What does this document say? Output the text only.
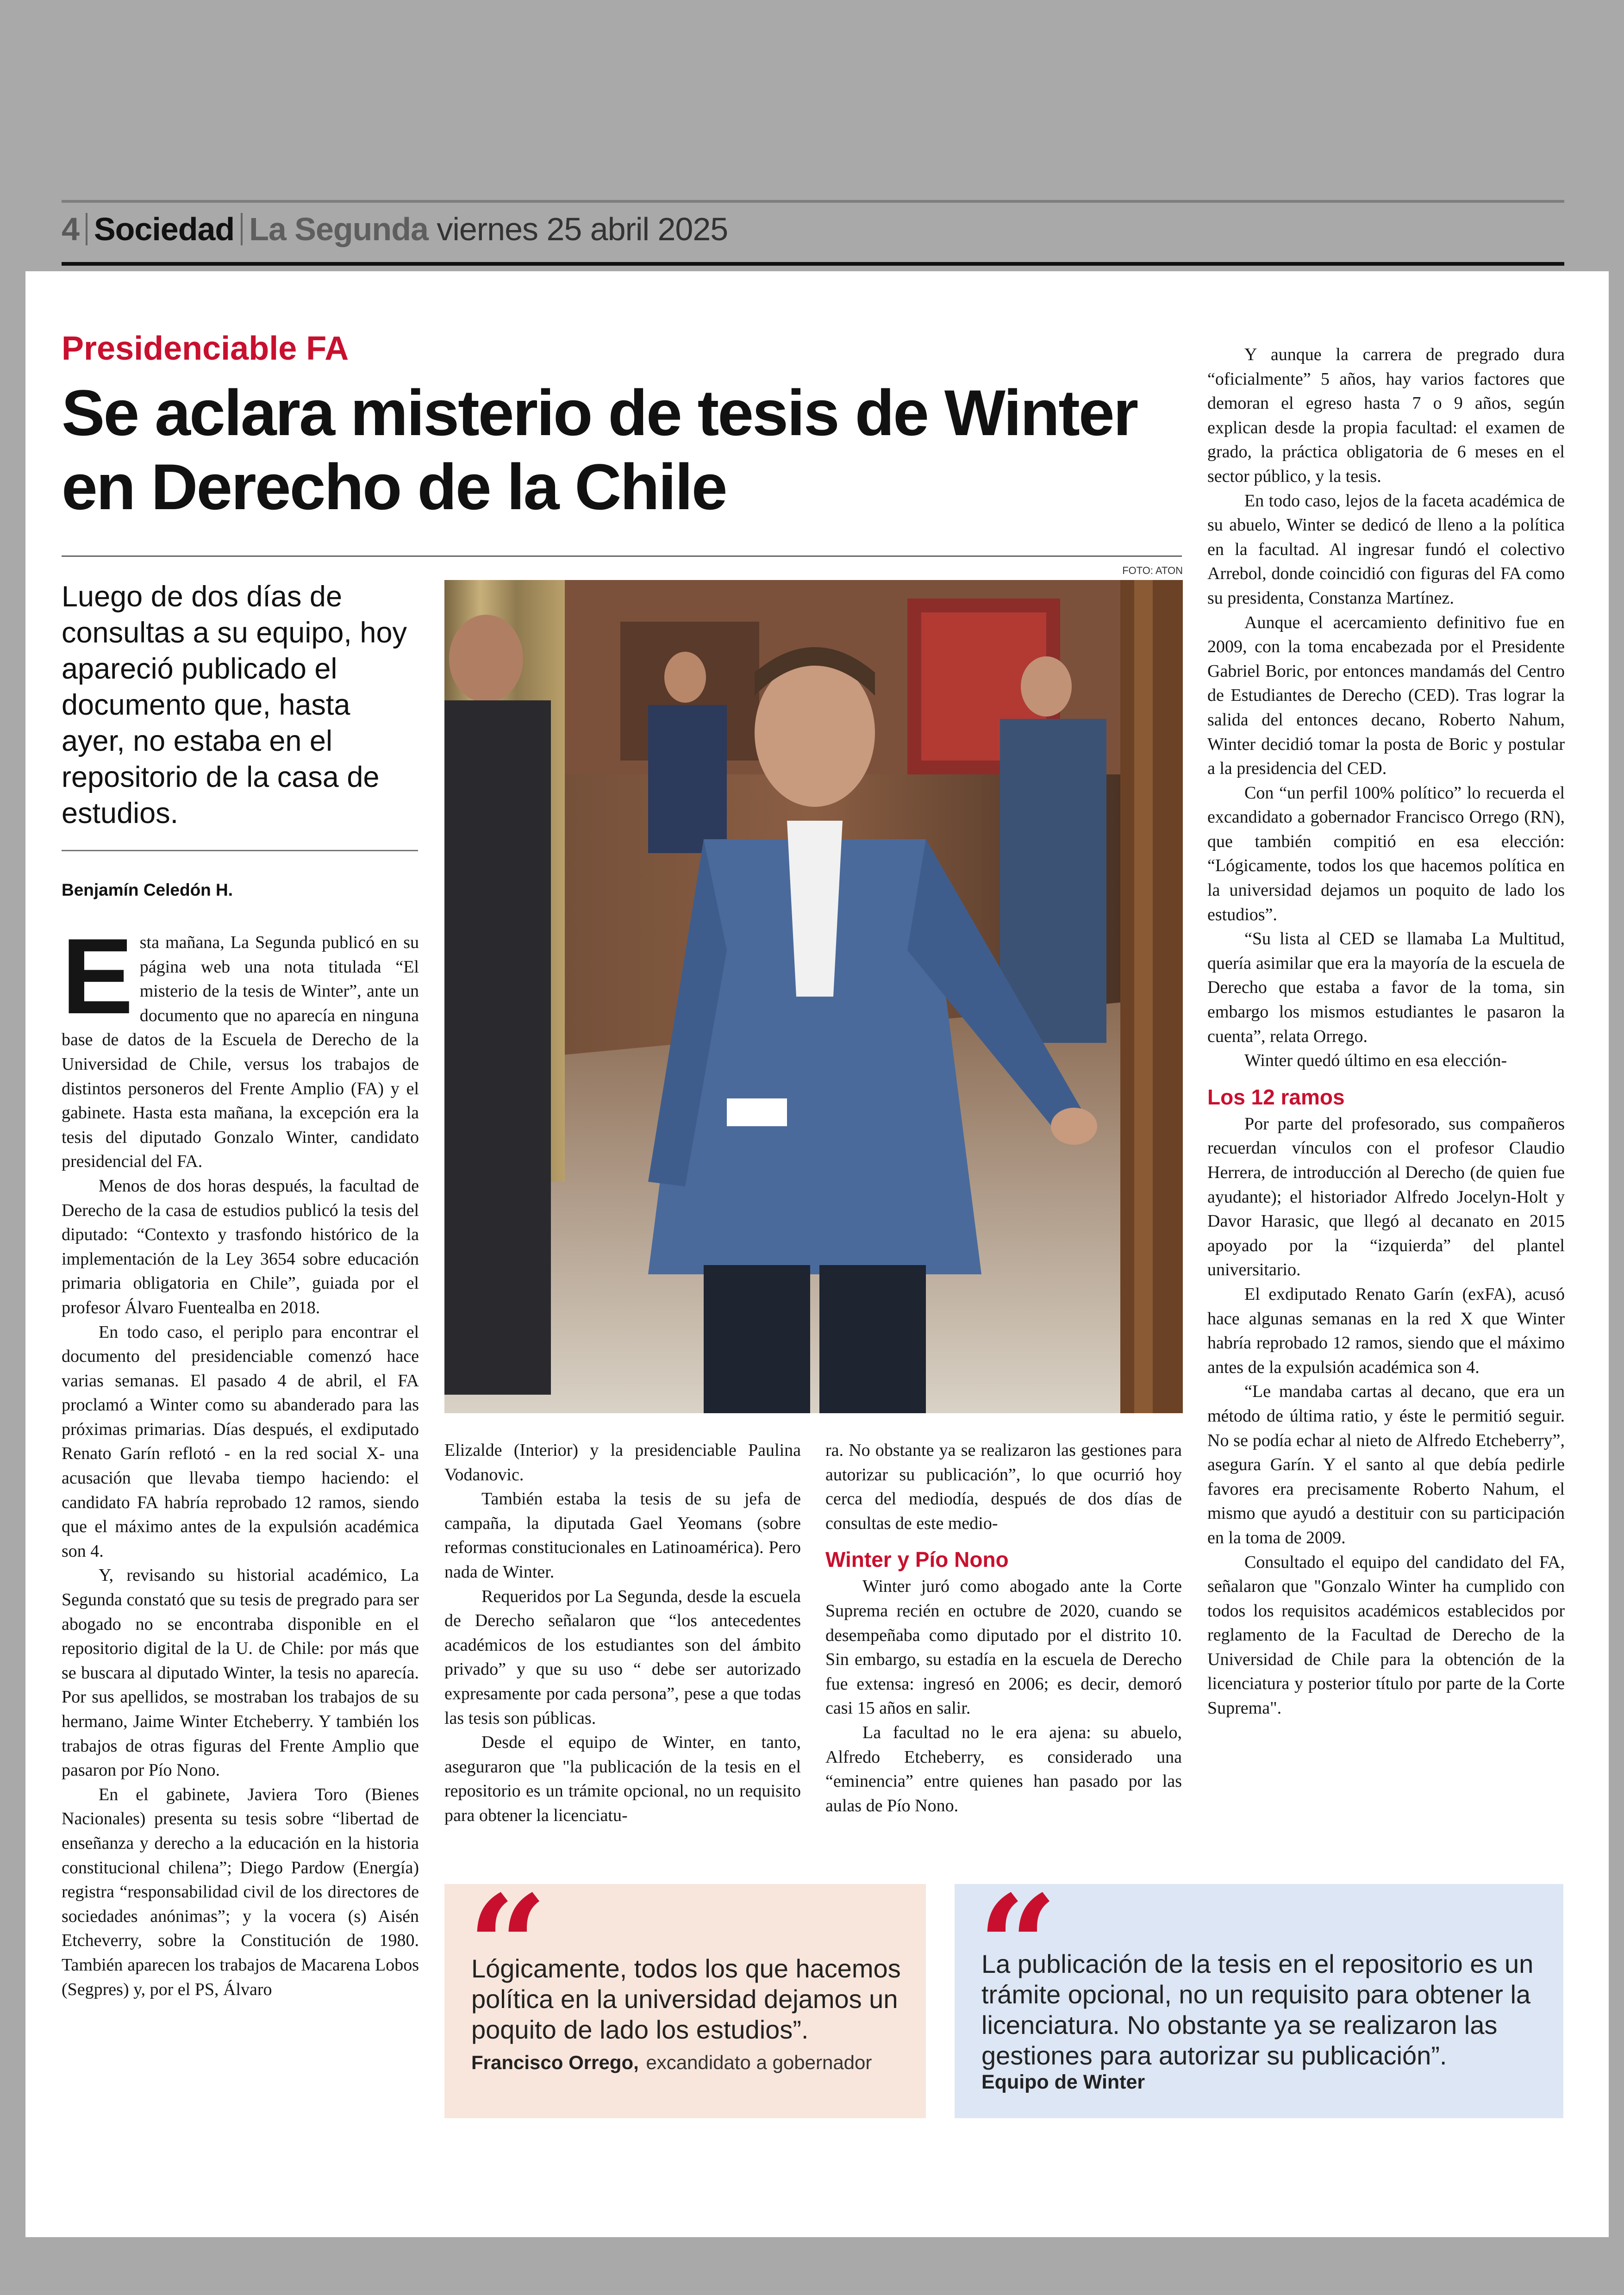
4 Sociedad La Segunda
viernes 25 abril 2025
Presidenciable FA
Se aclara misterio de tesis de Winter en Derecho de la Chile
Luego de dos días de consultas a su equipo, hoy apareció publicado el documento que, hasta ayer, no estaba en el repositorio de la casa de estudios.
Benjamín Celedón H.

Esta mañana, La Segunda publicó en su página web una nota titulada “El misterio de la tesis de Winter”, ante un documento que no aparecía en ninguna base de datos de la Escuela de Derecho de la Universidad de Chile, versus los trabajos de distintos personeros del Frente Amplio (FA) y el gabinete. Hasta esta mañana, la excepción era la tesis del diputado Gonzalo Winter, candidato presidencial del FA.

Menos de dos horas después, la facultad de Derecho de la casa de estudios publicó la tesis del diputado: “Contexto y trasfondo histórico de la implementación de la Ley 3654 sobre educación primaria obligatoria en Chile”, guiada por el profesor Álvaro Fuentealba en 2018.

En todo caso, el periplo para encontrar el documento del presidenciable comenzó hace varias semanas. El pasado 4 de abril, el FA proclamó a Winter como su abanderado para las próximas primarias. Días después, el exdiputado Renato Garín reflotó - en la red social X- una acusación que llevaba tiempo haciendo: el candidato FA habría reprobado 12 ramos, siendo que el máximo antes de la expulsión académica son 4.

Y, revisando su historial académico, La Segunda constató que su tesis de pregrado para ser abogado no se encontraba disponible en el repositorio digital de la U. de Chile: por más que se buscara al diputado Winter, la tesis no aparecía. Por sus apellidos, se mostraban los trabajos de su hermano, Jaime Winter Etcheberry. Y también los trabajos de otras figuras del Frente Amplio que pasaron por Pío Nono.

En el gabinete, Javiera Toro (Bienes Nacionales) presenta su tesis sobre “libertad de enseñanza y derecho a la educación en la historia constitucional chilena”; Diego Pardow (Energía) registra “responsabilidad civil de los directores de sociedades anónimas”; y la vocera (s) Aisén Etcheverry, sobre la Constitución de 1980. También aparecen los trabajos de Macarena Lobos (Segpres) y, por el PS, Álvaro

FOTO: ATON

Elizalde (Interior) y la presidenciable Paulina Vodanovic.

También estaba la tesis de su jefa de campaña, la diputada Gael Yeomans (sobre reformas constitucionales en Latinoamérica). Pero nada de Winter.

Requeridos por La Segunda, desde la escuela de Derecho señalaron que “los antecedentes académicos de los estudiantes son del ámbito privado” y que su uso “ debe ser autorizado expresamente por cada persona”, pese a que todas las tesis son públicas.

Desde el equipo de Winter, en tanto, aseguraron que "la publicación de la tesis en el repositorio es un trámite opcional, no un requisito para obtener la licenciatu-

ra. No obstante ya se realizaron las gestiones para autorizar su publicación”, lo que ocurrió hoy cerca del mediodía, después de dos días de consultas de este medio-

Winter y Pío Nono

Winter juró como abogado ante la Corte Suprema recién en octubre de 2020, cuando se desempeñaba como diputado por el distrito 10. Sin embargo, su estadía en la escuela de Derecho fue extensa: ingresó en 2006; es decir, demoró casi 15 años en salir.

La facultad no le era ajena: su abuelo, Alfredo Etcheberry, es considerado una “eminencia” entre quienes han pasado por las aulas de Pío Nono.

Y aunque la carrera de pregrado dura “oficialmente” 5 años, hay varios factores que demoran el egreso hasta 7 o 9 años, según explican desde la propia facultad: el examen de grado, la práctica obligatoria de 6 meses en el sector público, y la tesis.

En todo caso, lejos de la faceta académica de su abuelo, Winter se dedicó de lleno a la política en la facultad. Al ingresar fundó el colectivo Arrebol, donde coincidió con figuras del FA como su presidenta, Constanza Martínez.

Aunque el acercamiento definitivo fue en 2009, con la toma encabezada por el Presidente Gabriel Boric, por entonces mandamás del Centro de Estudiantes de Derecho (CED). Tras lograr la salida del entonces decano, Roberto Nahum, Winter decidió tomar la posta de Boric y postular a la presidencia del CED.

Con “un perfil 100% político” lo recuerda el excandidato a gobernador Francisco Orrego (RN), que también compitió en esa elección: “Lógicamente, todos los que hacemos política en la universidad dejamos un poquito de lado los estudios”.

“Su lista al CED se llamaba La Multitud, quería asimilar que era la mayoría de la escuela de Derecho que estaba a favor de la toma, sin embargo los mismos estudiantes le pasaron la cuenta”, relata Orrego.

Winter quedó último en esa elección-

Los 12 ramos

Por parte del profesorado, sus compañeros recuerdan vínculos con el profesor Claudio Herrera, de introducción al Derecho (de quien fue ayudante); el historiador Alfredo Jocelyn-Holt y Davor Harasic, que llegó al decanato en 2015 apoyado por la “izquierda” del plantel universitario.

El exdiputado Renato Garín (exFA), acusó hace algunas semanas en la red X que Winter habría reprobado 12 ramos, siendo que el máximo antes de la expulsión académica son 4.

“Le mandaba cartas al decano, que era un método de última ratio, y éste le permitió seguir. No se podía echar al nieto de Alfredo Etcheberry”, asegura Garín. Y el santo al que debía pedirle favores era precisamente Roberto Nahum, el mismo que ayudó a destituir con su participación en la toma de 2009.

Consultado el equipo del candidato del FA, señalaron que "Gonzalo Winter ha cumplido con todos los requisitos académicos establecidos por reglamento de la Facultad de Derecho de la Universidad de Chile para la obtención de la licenciatura y posterior título por parte de la Corte Suprema".

“
Lógicamente, todos los que hacemos política en la universidad dejamos un poquito de lado los estudios”. Francisco Orrego, excandidato a gobernador
“
La publicación de la tesis en el repositorio es un trámite opcional, no un requisito para obtener la licenciatura. No obstante ya se realizaron las gestiones para autorizar su publicación”.
Equipo de Winter
